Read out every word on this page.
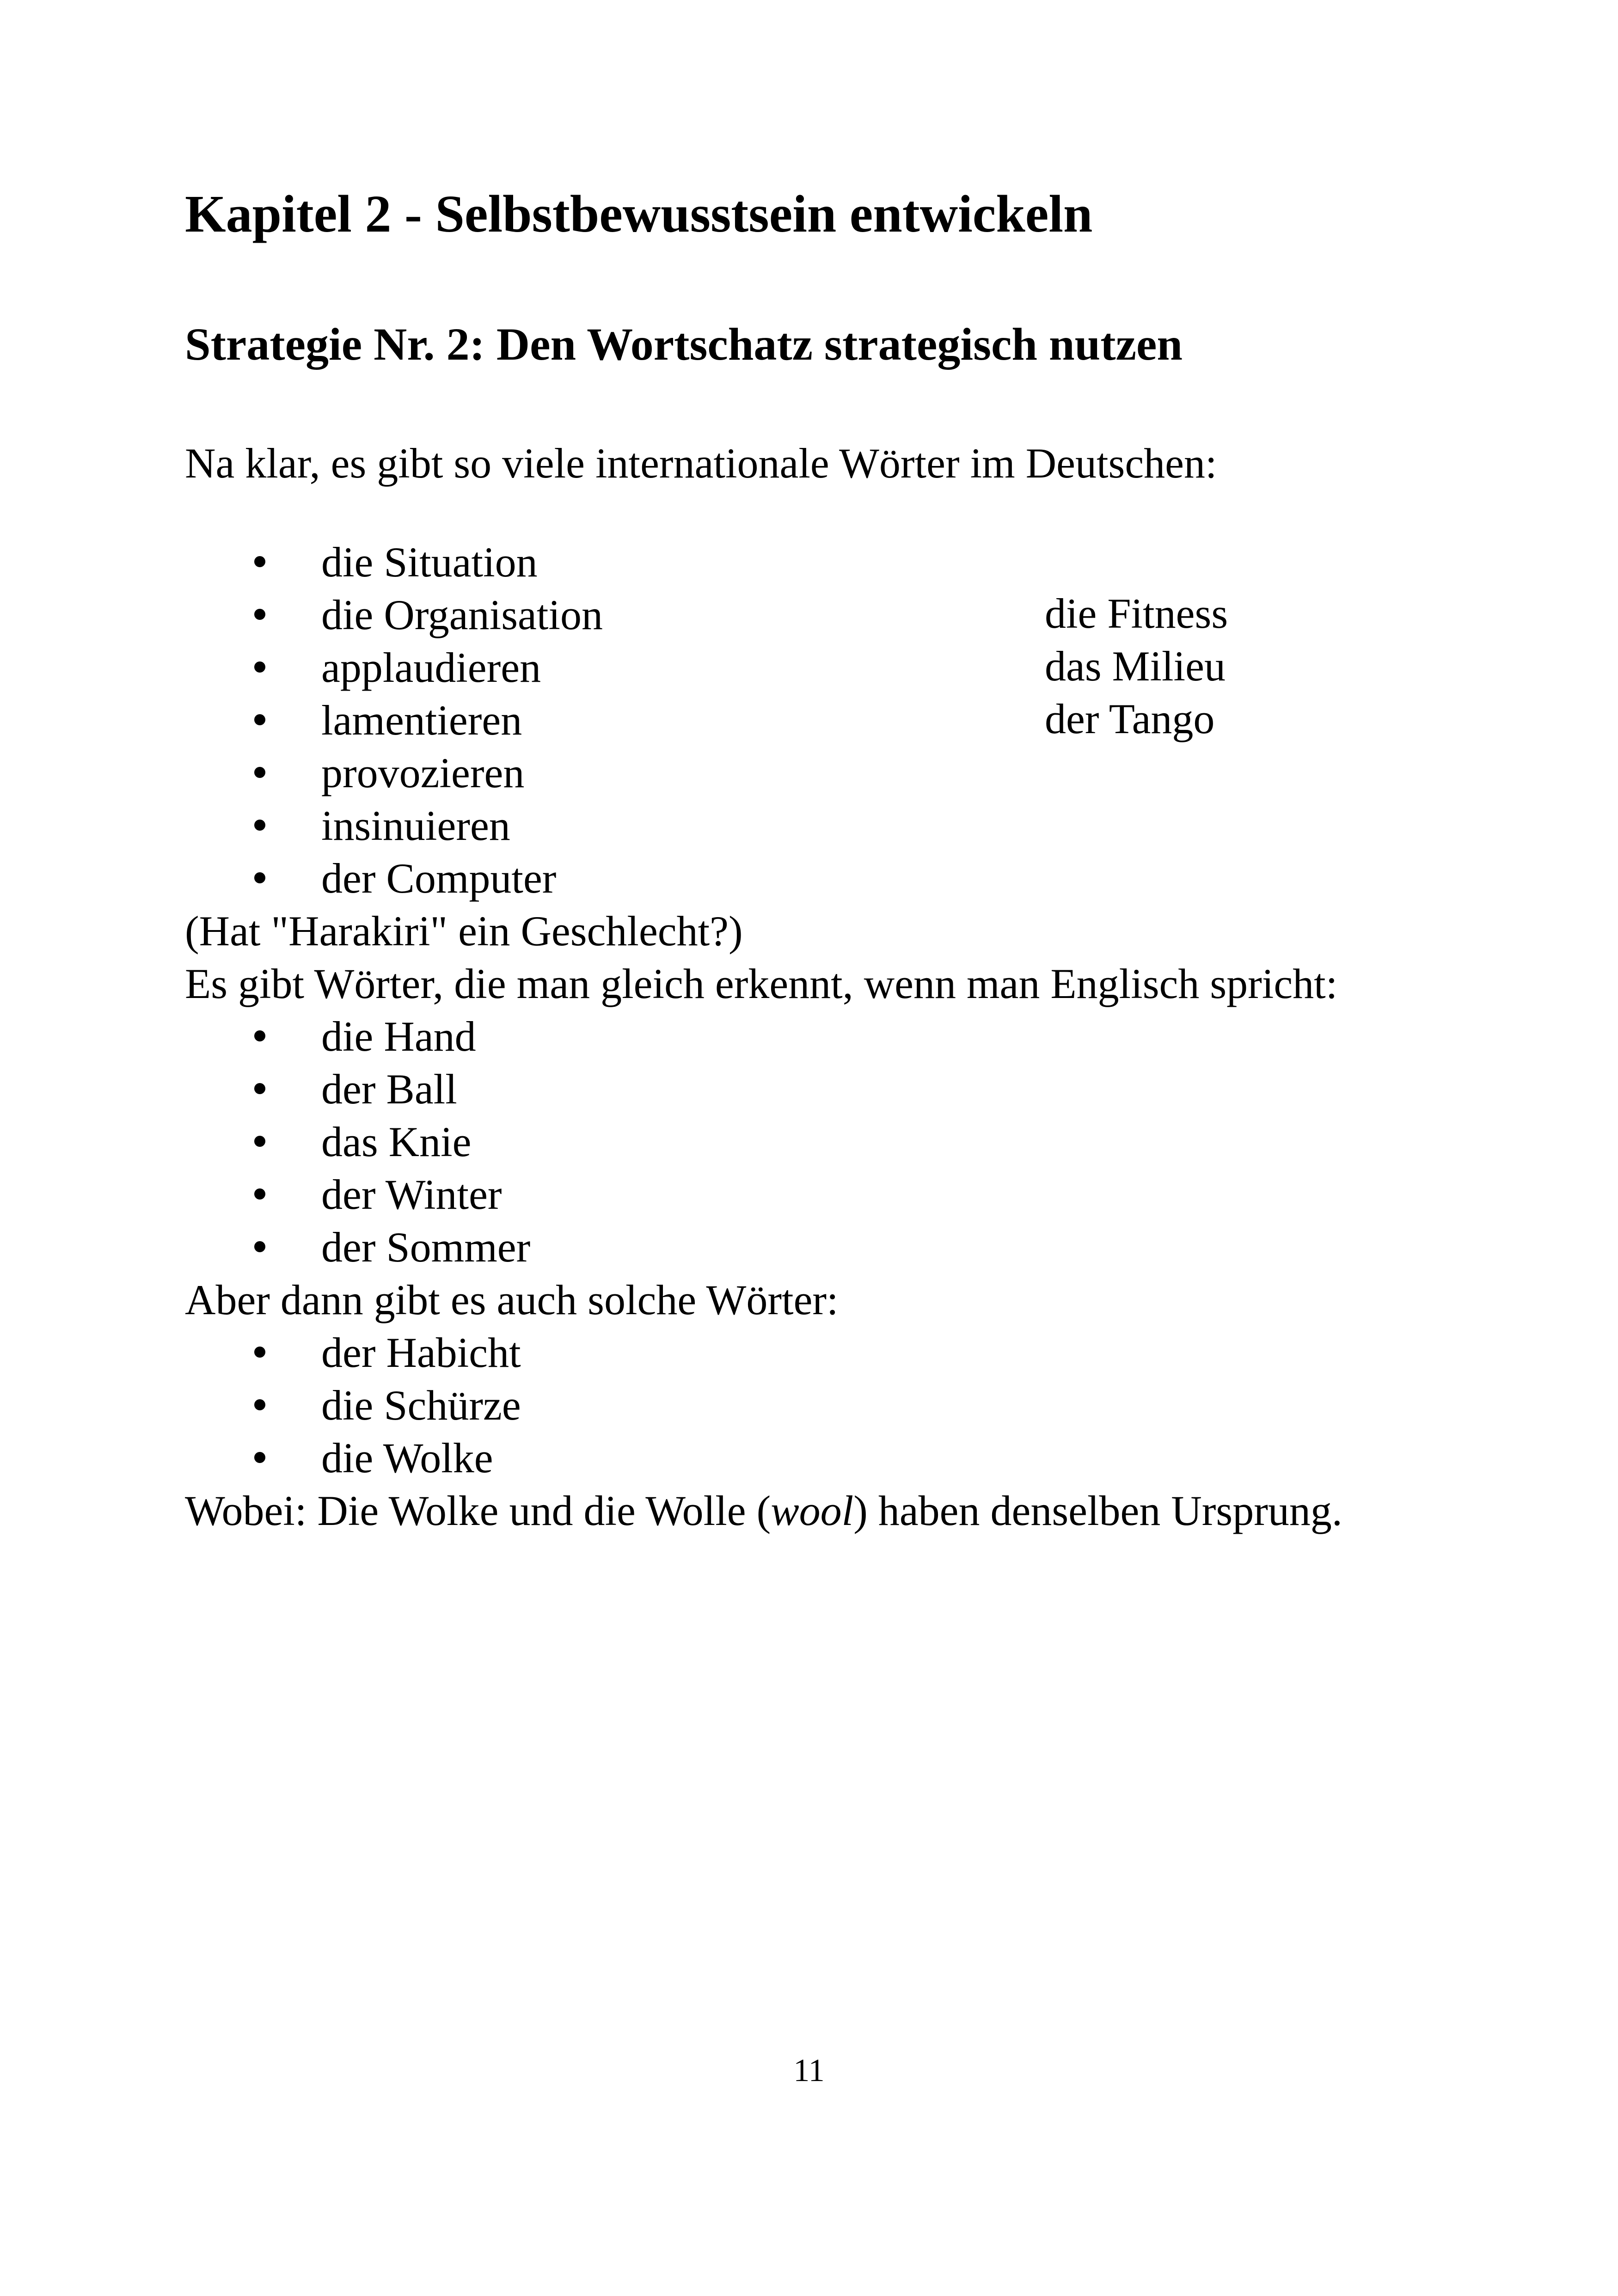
Kapitel 2 - Selbstbewusstsein entwickeln
Strategie Nr. 2: Den Wortschatz strategisch nutzen
Na klar, es gibt so viele internationale Wörter im Deutschen:
die Situation
die Organisation
applaudieren
lamentieren
provozieren
insinuieren
der Computer
(Hat "Harakiri" ein Geschlecht?)
Es gibt Wörter, die man gleich erkennt, wenn man Englisch spricht:
die Hand
der Ball
das Knie
der Winter
der Sommer
Aber dann gibt es auch solche Wörter:
der Habicht
die Schürze
die Wolke
Wobei: Die Wolke und die Wolle (wool) haben denselben Ursprung.
die Fitness
das Milieu
der Tango
11
